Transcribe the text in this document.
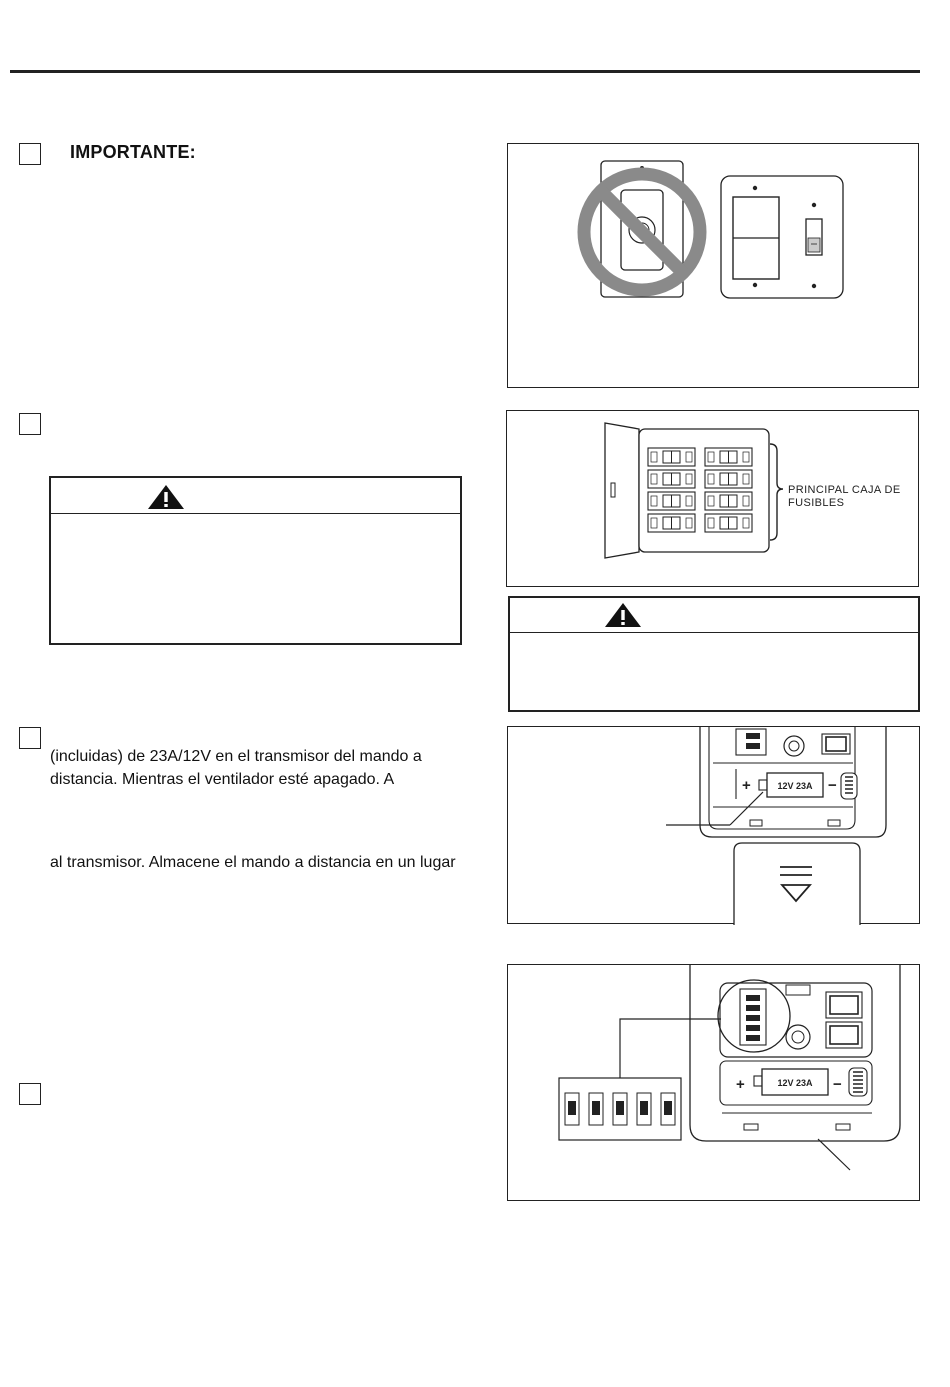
IMPORTANTE:
PRINCIPAL CAJA DE
FUSIBLES
(incluidas) de 23A/12V en el transmisor del mando a
distancia. Mientras el ventilador esté apagado. A
al transmisor. Almacene el mando a distancia en un lugar
+	12V 23A −
+	12V 23A −
